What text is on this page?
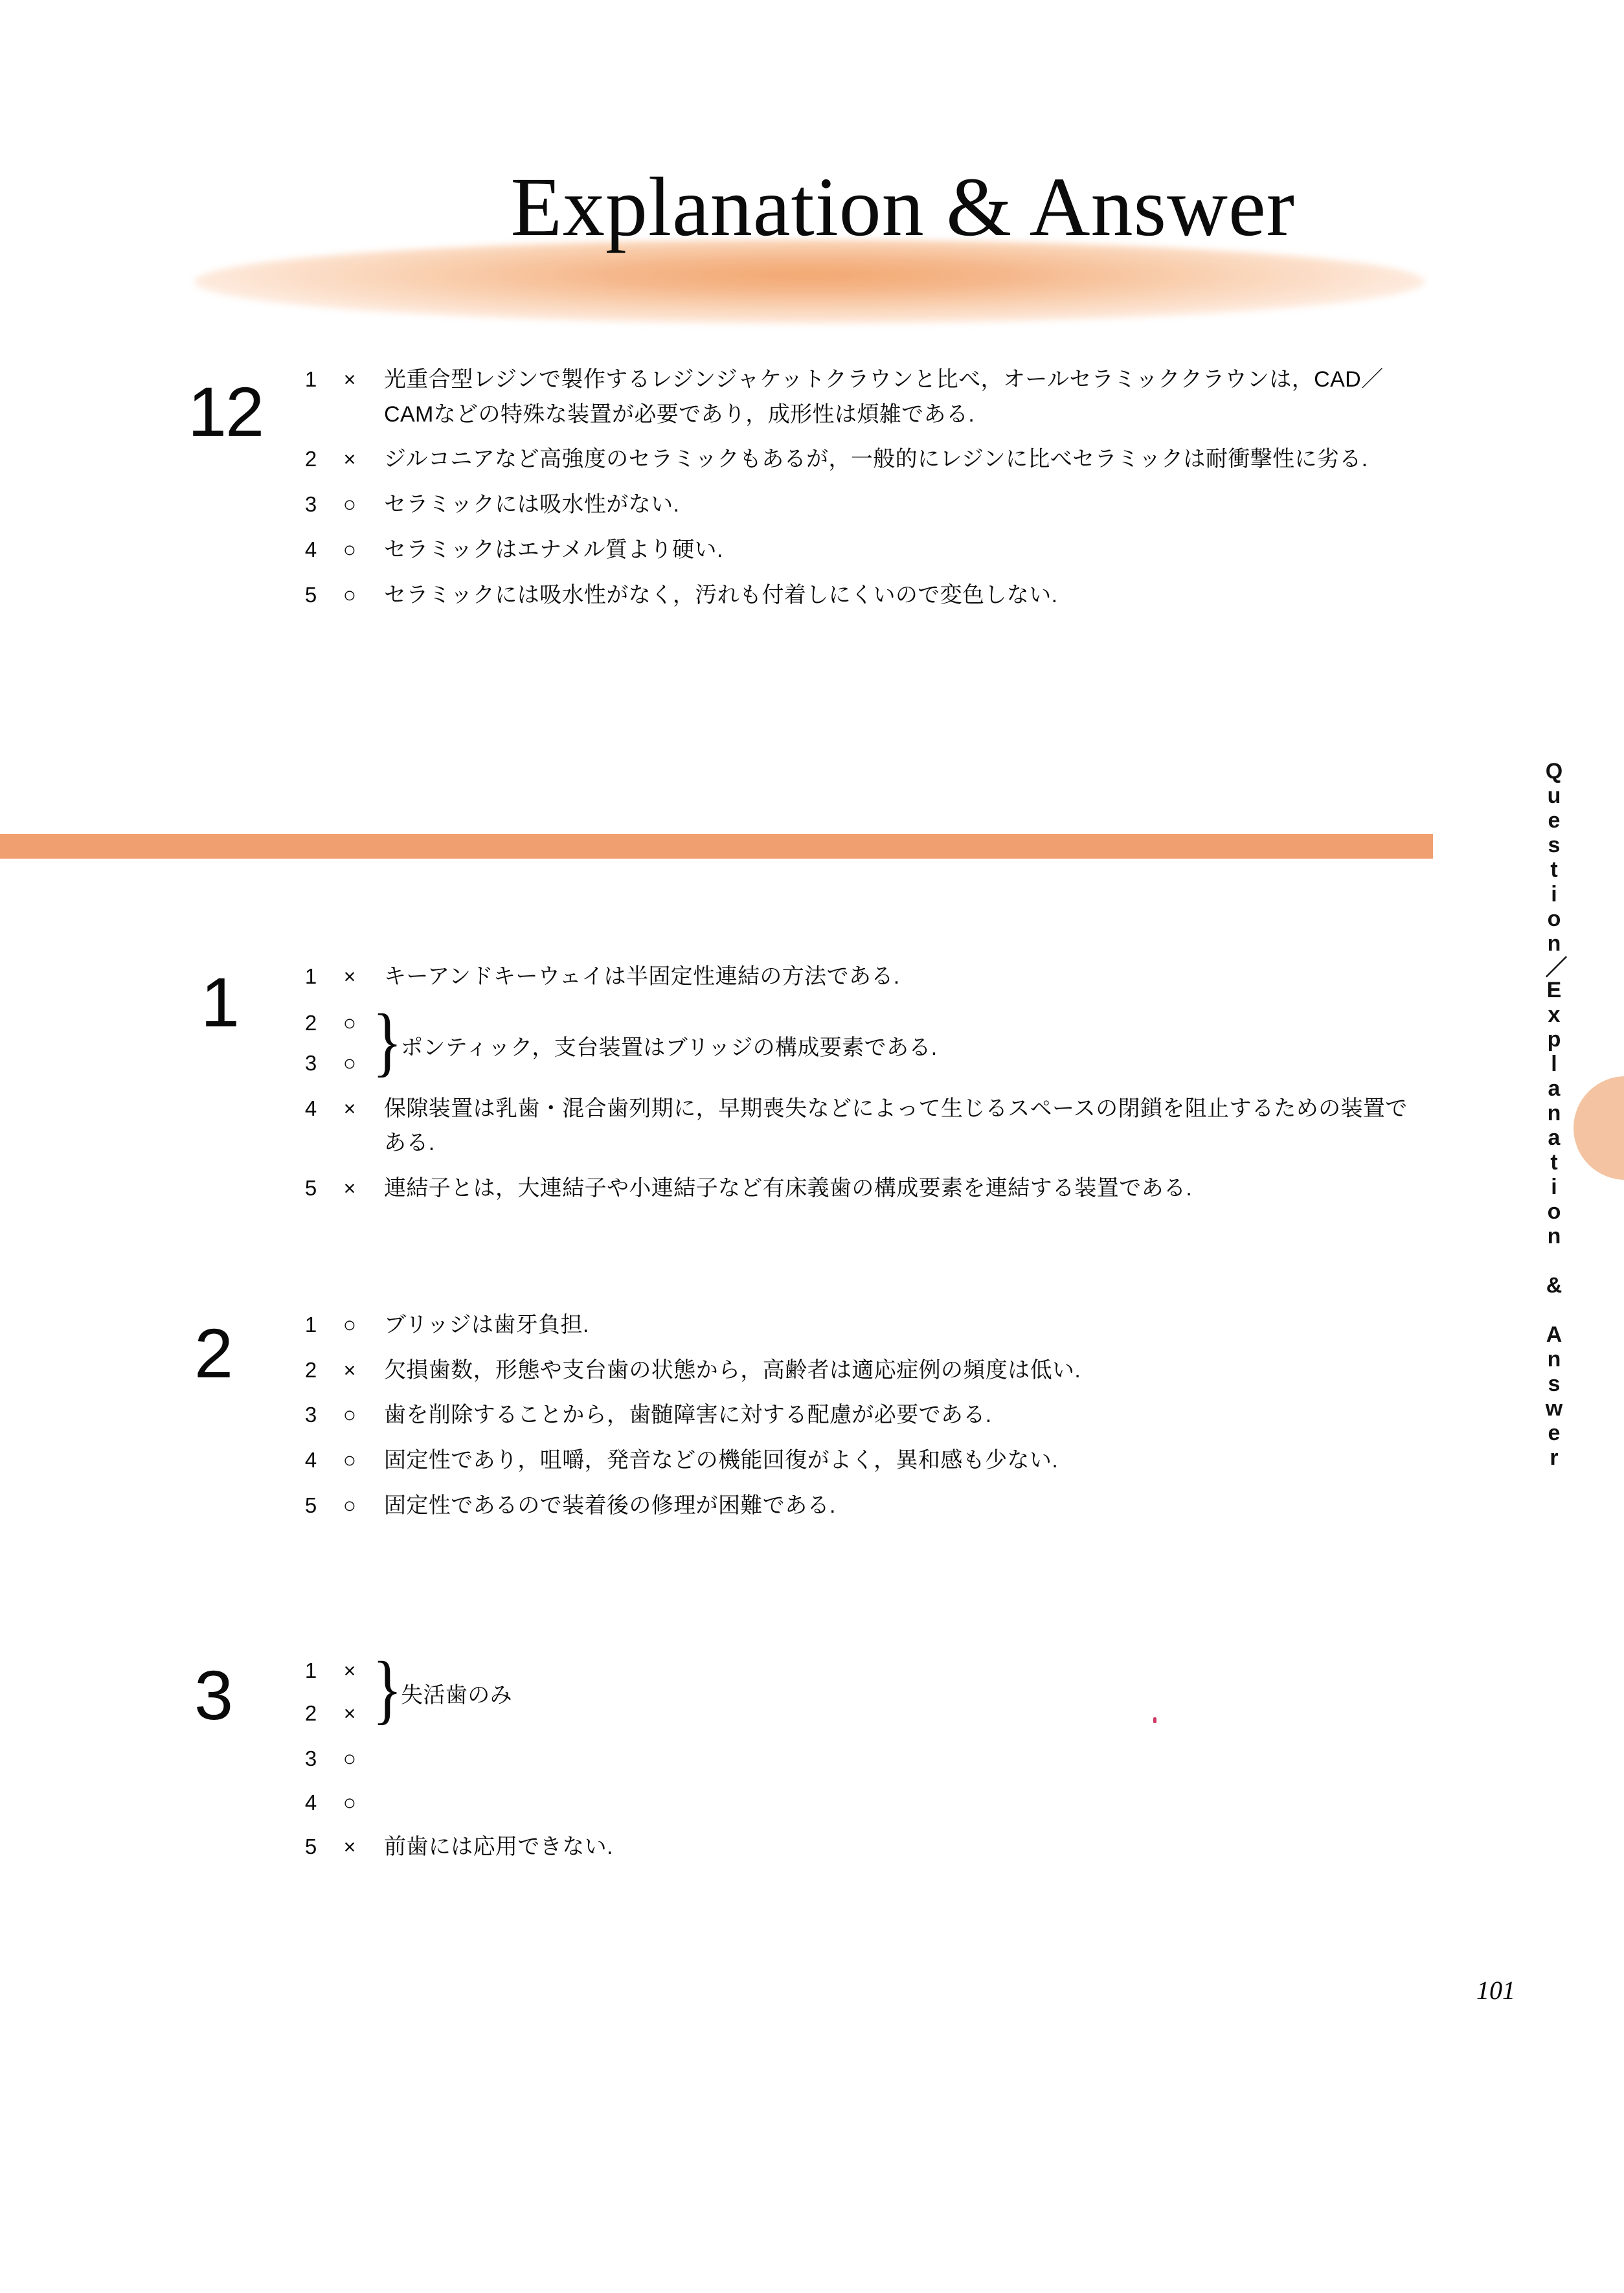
Explanation & Answer
Question／Explanation & Answer
101
12 1	× 光重合型レジンで製作するレジンジャケットクラウンと比べ，オールセラミッククラウンは，CAD／CAMなどの特殊な装置が必要であり，成形性は煩雑である.
2	× ジルコニアなど高強度のセラミックもあるが，一般的にレジンに比べセラミックは耐衝撃性に劣る.
3 ○ セラミックには吸水性がない.
4 ○ セラミックはエナメル質より硬い.
5 ○ セラミックには吸水性がなく，汚れも付着しにくいので変色しない.
1	1	× キーアンドキーウェイは半固定性連結の方法である.
2 ○
3 ○ }
ポンティック，支台装置はブリッジの構成要素である.
4	× 保隙装置は乳歯・混合歯列期に，早期喪失などによって生じるスペースの閉鎖を阻止するための装置である.
5	× 連結子とは，大連結子や小連結子など有床義歯の構成要素を連結する装置である.
2	1 ○ ブリッジは歯牙負担.
2	× 欠損歯数，形態や支台歯の状態から，高齢者は適応症例の頻度は低い.
3 ○ 歯を削除することから，歯髄障害に対する配慮が必要である.
4 ○ 固定性であり，咀嚼，発音などの機能回復がよく，異和感も少ない.
5 ○ 固定性であるので装着後の修理が困難である.
3	1	×
2	× }
失活歯のみ
3 ○
4 ○
5	× 前歯には応用できない.
